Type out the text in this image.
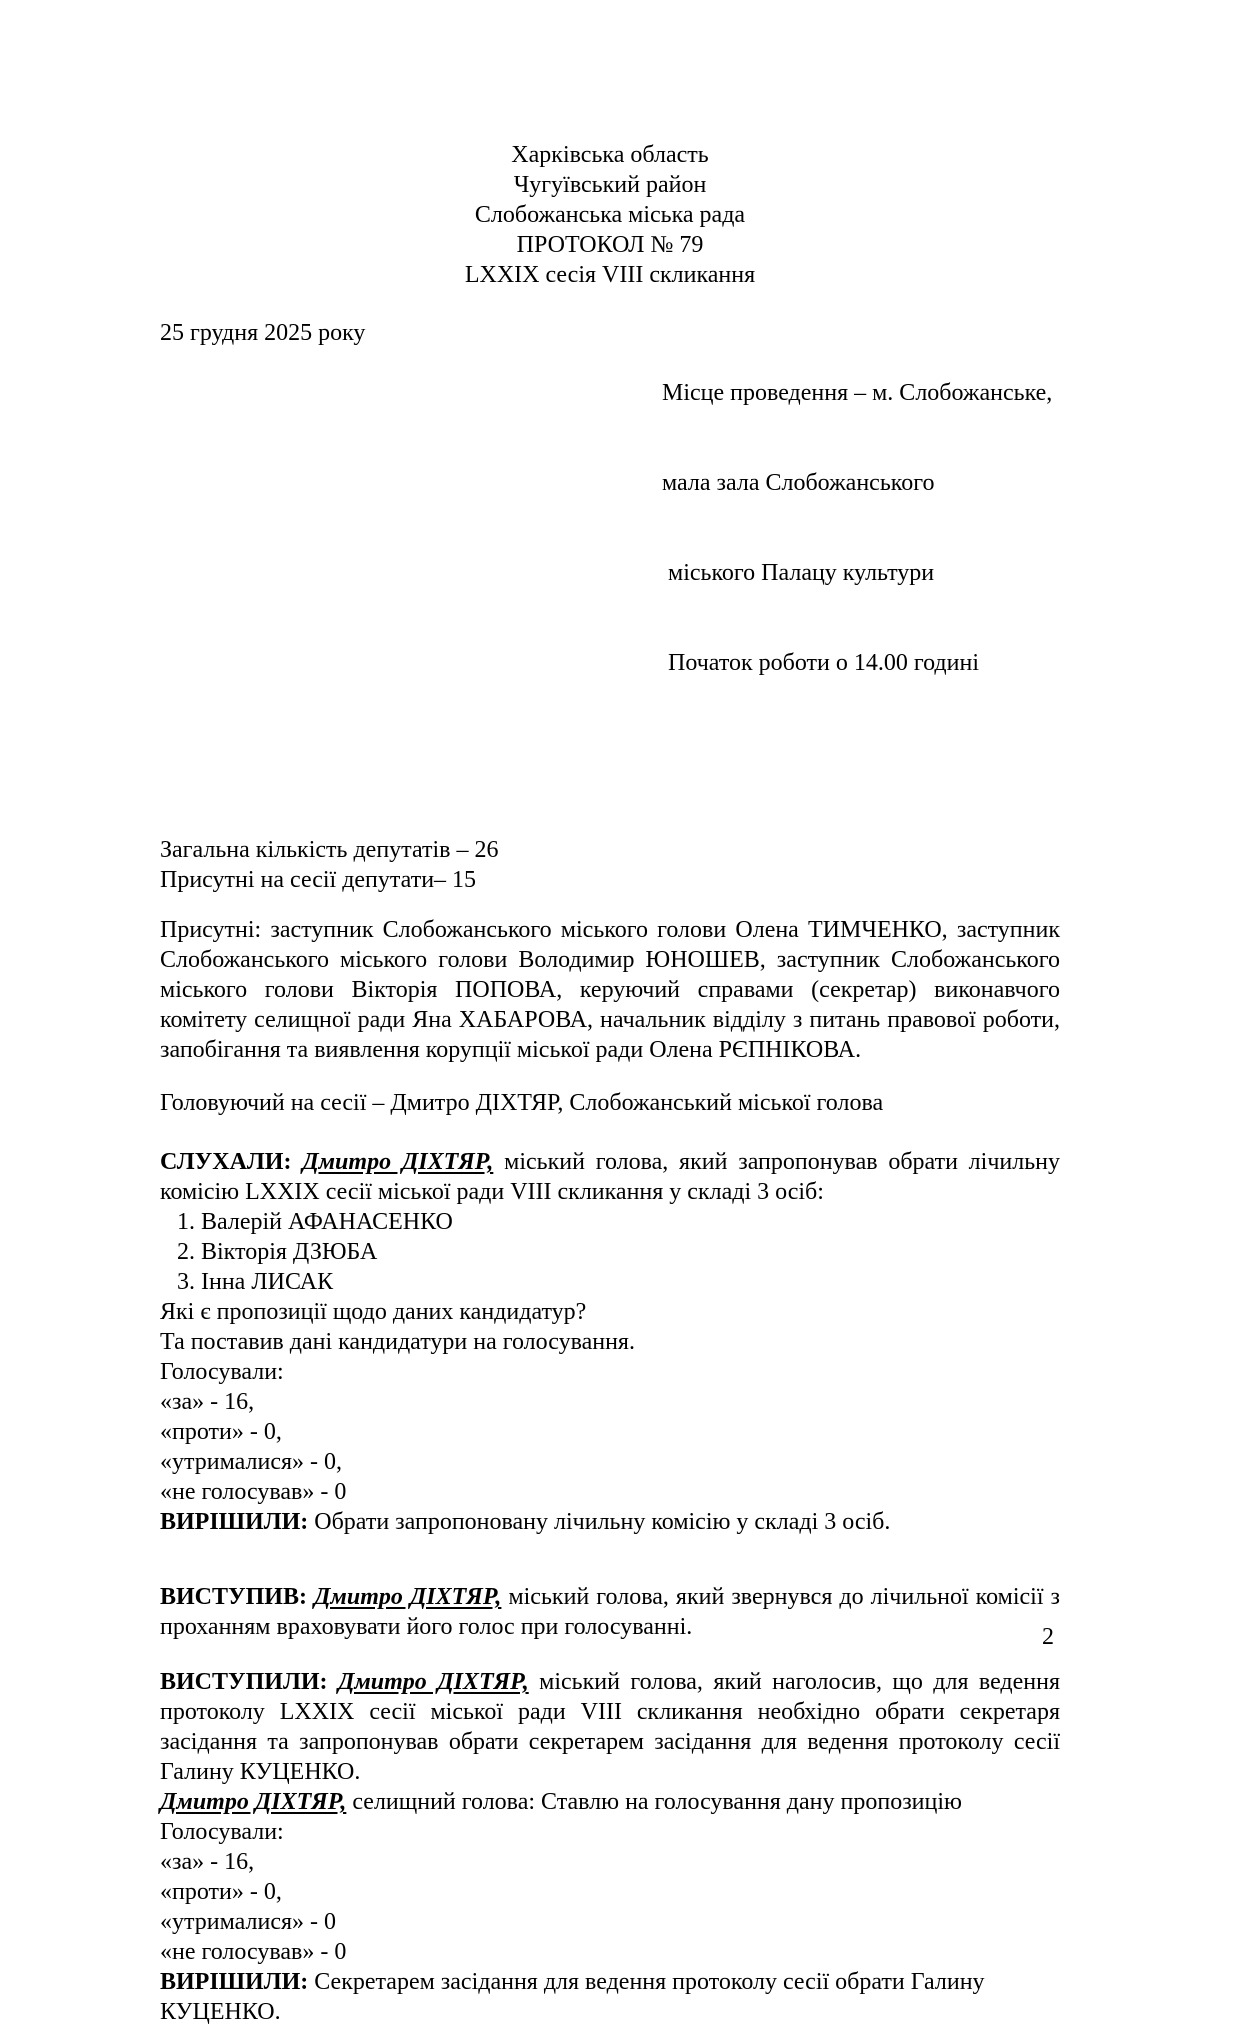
Харківська область

Чугуївський район

Слобожанська міська рада

ПРОТОКОЛ № 79

LXXIX сесія VIII скликання

25 грудня 2025 року

Місце проведення – м. Слобожанське,

мала зала Слобожанського

міського Палацу культури

Початок роботи о 14.00 годині

Загальна кількість депутатів – 26

Присутні на сесії депутати– 15

Присутні: заступник Слобожанського міського голови Олена ТИМЧЕНКО, заступник Слобожанського міського голови Володимир ЮНОШЕВ, заступник Слобожанського міського голови Вікторія ПОПОВА, керуючий справами (секретар) виконавчого комітету селищної ради Яна ХАБАРОВА, начальник відділу з питань правової роботи, запобігання та виявлення корупції міської ради Олена РЄПНІКОВА.

Головуючий на сесії – Дмитро ДІХТЯР, Слобожанський міської голова

СЛУХАЛИ: Дмитро ДІХТЯР, міський голова, який запропонував обрати лічильну комісію LXXIX сесії міської ради VIII скликання у складі 3 осіб:

1. Валерій АФАНАСЕНКО
2. Вікторія ДЗЮБА
3. Інна ЛИСАК

Які є пропозиції щодо даних кандидатур?

Та поставив дані кандидатури на голосування.

Голосували:

«за» - 16,

«проти» - 0,

«утрималися» - 0,

«не голосував» - 0

ВИРІШИЛИ: Обрати запропоновану лічильну комісію у складі 3 осіб.

ВИСТУПИВ: Дмитро ДІХТЯР, міський голова, який звернувся до лічильної комісії з проханням враховувати його голос при голосуванні.

ВИСТУПИЛИ: Дмитро ДІХТЯР, міський голова, який наголосив, що для ведення протоколу LXXIX сесії міської ради VIII скликання необхідно обрати секретаря засідання та запропонував обрати секретарем засідання для ведення протоколу сесії Галину КУЦЕНКО.

Дмитро ДІХТЯР, селищний голова: Ставлю на голосування дану пропозицію

Голосували:

«за» - 16,

«проти» - 0,

«утрималися» - 0

«не голосував» - 0

ВИРІШИЛИ: Секретарем засідання для ведення протоколу сесії обрати Галину КУЦЕНКО.

2
